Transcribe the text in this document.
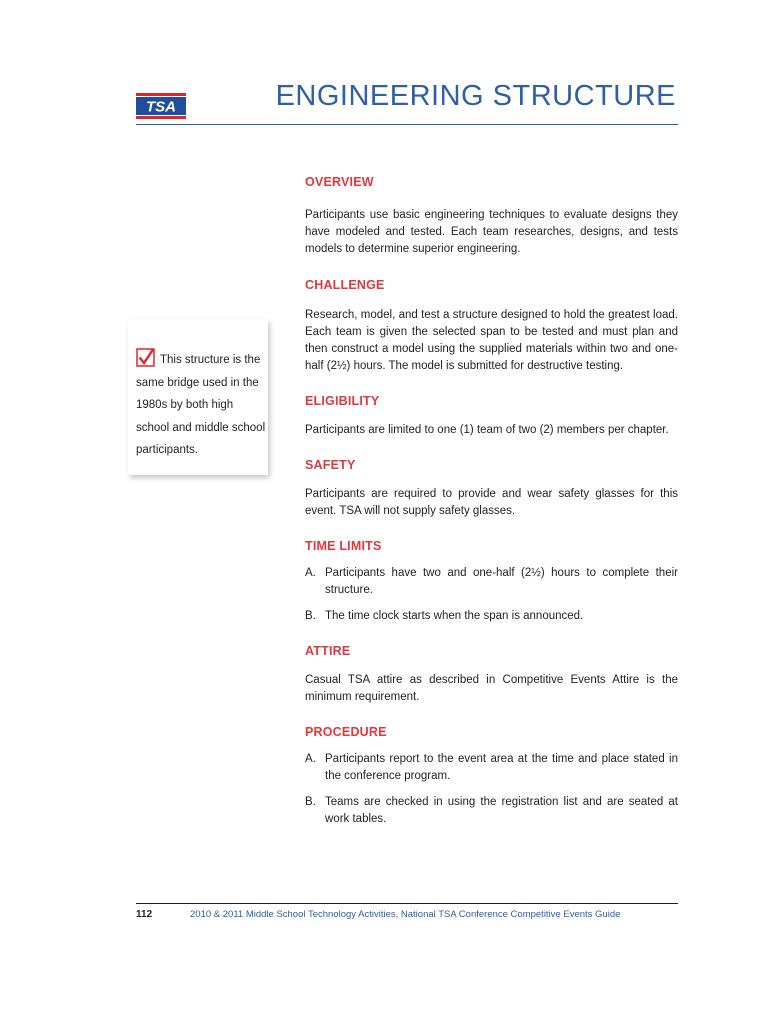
TSA	ENGINEERING STRUCTURE
This structure is the same bridge used in the 1980s by both high school and middle school participants.
OVERVIEW

Participants use basic engineering techniques to evaluate designs they have modeled and tested. Each team researches, designs, and tests models to determine superior engineering.

CHALLENGE

Research, model, and test a structure designed to hold the greatest load. Each team is given the selected span to be tested and must plan and then construct a model using the supplied materials within two and one-half (2½) hours. The model is submitted for destructive testing.

ELIGIBILITY

Participants are limited to one (1) team of two (2) members per chapter.

SAFETY

Participants are required to provide and wear safety glasses for this event. TSA will not supply safety glasses.

TIME LIMITS
A. Participants have two and one-half (2½) hours to complete their structure.
B. The time clock starts when the span is announced.
ATTIRE

Casual TSA attire as described in Competitive Events Attire is the minimum requirement.

PROCEDURE
A. Participants report to the event area at the time and place stated in the conference program.
B. Teams are checked in using the registration list and are seated at work tables.
112	2010 & 2011 Middle School Technology Activities, National TSA Conference Competitive Events Guide
